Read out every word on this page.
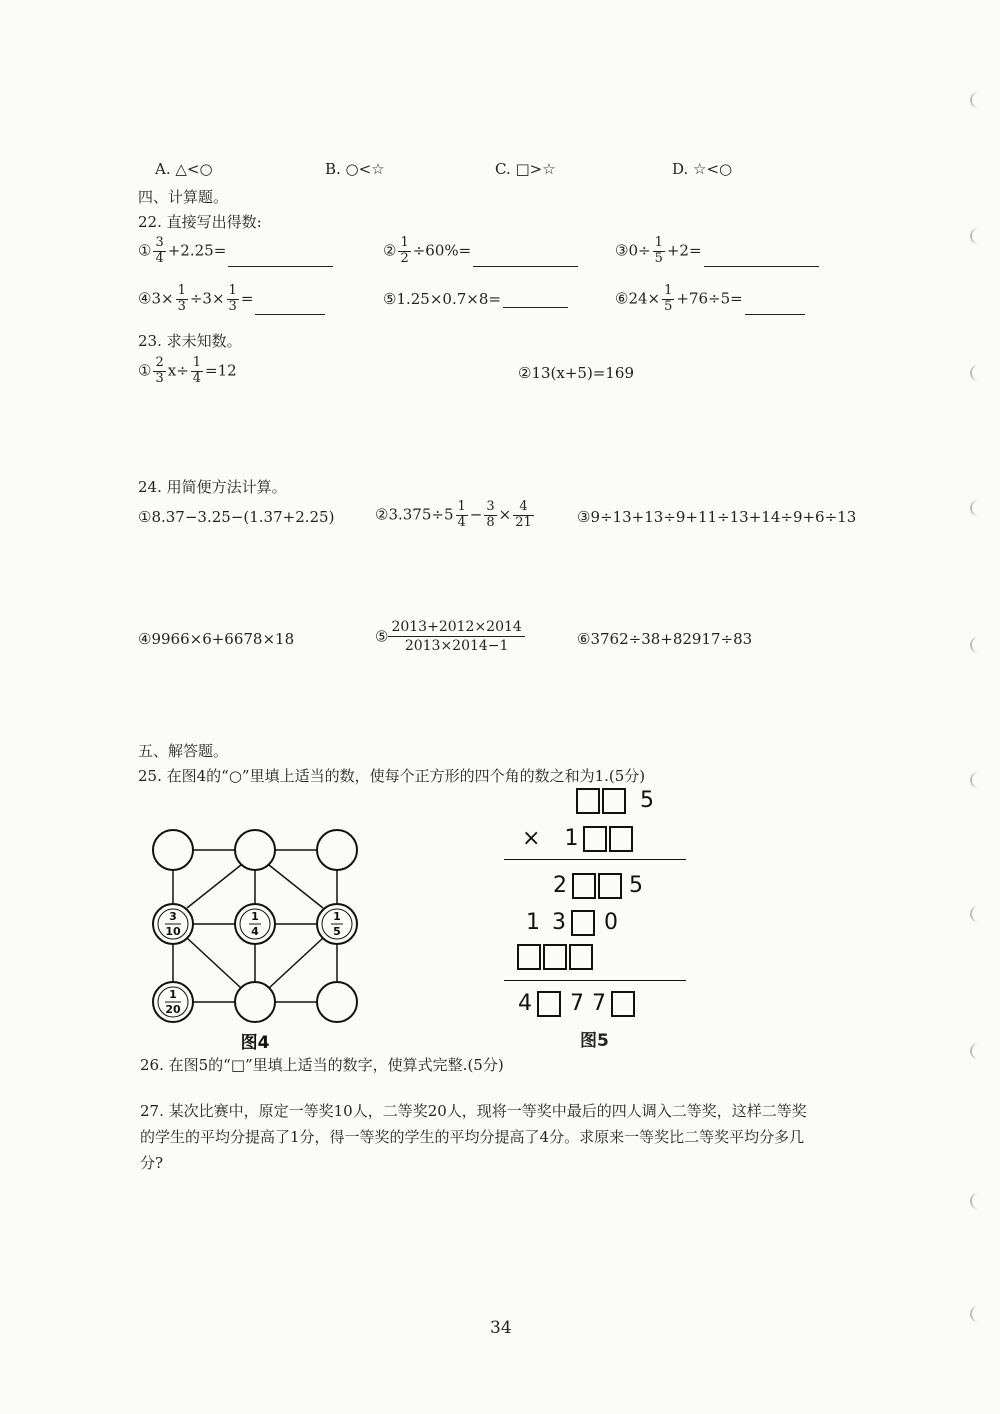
A. △<○	B. ○<☆	C. □>☆	D. ☆<○
四、计算题。
22. 直接写出得数:
① $\frac{3}{4} +2.25=$	② $\frac{1}{2} \div 60\%=$	③0÷ $\frac{1}{5} +2=$
④3× $\frac{1}{3} \div 3\times \frac{1}{3}$ =	⑤1.25×0.7×8=	⑥24× $\frac{1}{5} +76\div 5=$
23. 求未知数。
① $\frac{2}{3} x\div \frac{1}{4} =12$	②13(x+5)=169
24. 用简便方法计算。
①8.37−3.25−(1.37+2.25)	②3.375÷5 $\frac{1}{4} - \frac{3}{8} \times \frac{4}{21}$	③9÷13+13÷9+11÷13+14÷9+6÷13
④9966×6+6678×18	⑤ $\frac{2013+2012\times 2014}{2013\times 2014-1}$	⑥3762÷38+82917÷83
五、解答题。
25. 在图4的“○”里填上适当的数，使每个正方形的四个角的数之和为1.(5分)
3
10
1
4
1
5
1
20
图4
5
× 1
2	5
1 3 0
4 7 7
图5
26. 在图5的“□”里填上适当的数字，使算式完整.(5分)
27. 某次比赛中，原定一等奖10人，二等奖20人，现将一等奖中最后的四人调入二等奖，这样二等奖
的学生的平均分提高了1分，得一等奖的学生的平均分提高了4分。求原来一等奖比二等奖平均分多几
分?
34
